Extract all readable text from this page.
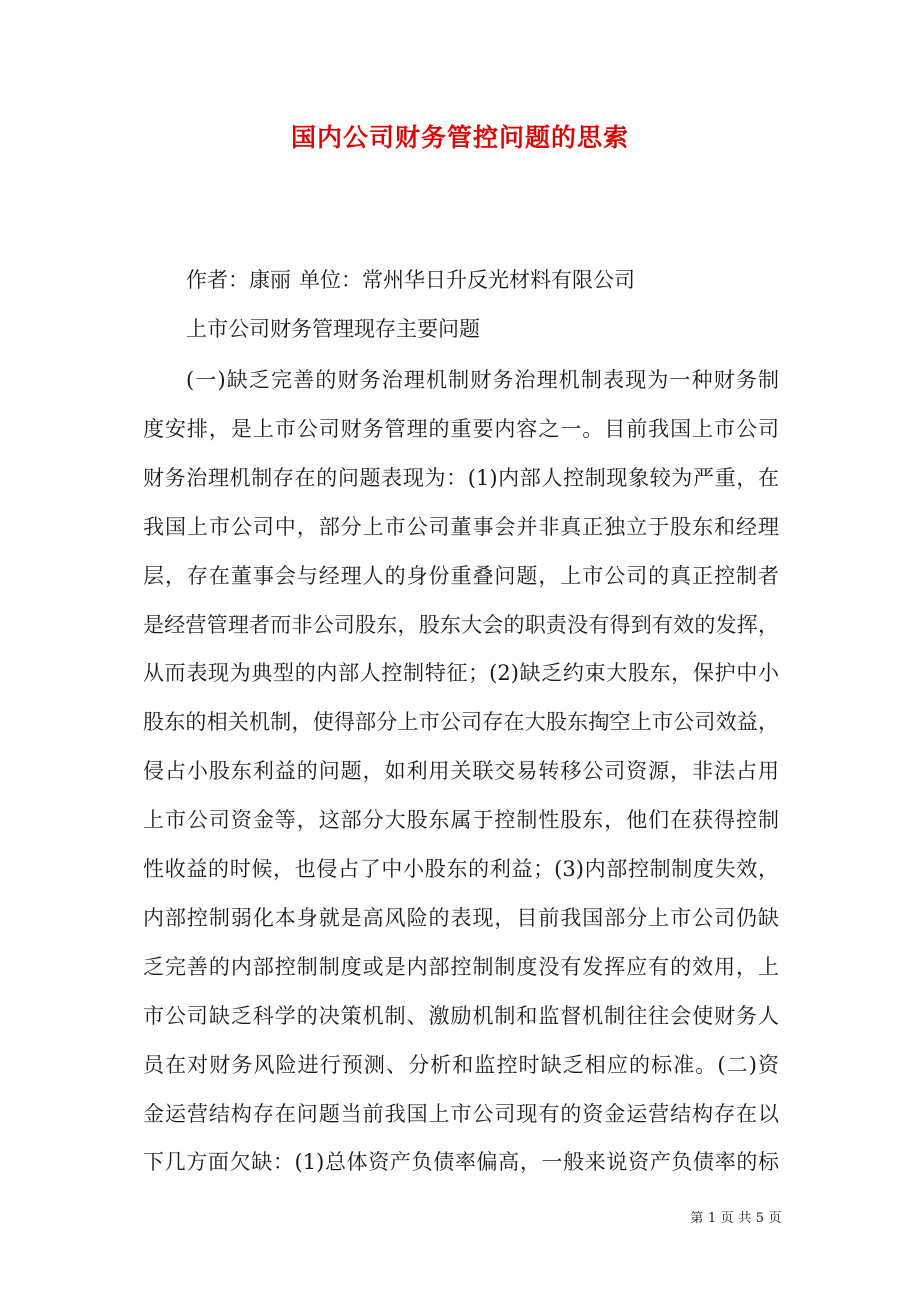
国内公司财务管控问题的思索

作者：康丽 单位：常州华日升反光材料有限公司

上市公司财务管理现存主要问题

(一)缺乏完善的财务治理机制财务治理机制表现为一种财务制

度安排，是上市公司财务管理的重要内容之一。目前我国上市公司

财务治理机制存在的问题表现为：(1)内部人控制现象较为严重，在

我国上市公司中，部分上市公司董事会并非真正独立于股东和经理

层，存在董事会与经理人的身份重叠问题，上市公司的真正控制者

是经营管理者而非公司股东，股东大会的职责没有得到有效的发挥，

从而表现为典型的内部人控制特征；(2)缺乏约束大股东，保护中小

股东的相关机制，使得部分上市公司存在大股东掏空上市公司效益，

侵占小股东利益的问题，如利用关联交易转移公司资源，非法占用

上市公司资金等，这部分大股东属于控制性股东，他们在获得控制

性收益的时候，也侵占了中小股东的利益；(3)内部控制制度失效，

内部控制弱化本身就是高风险的表现，目前我国部分上市公司仍缺

乏完善的内部控制制度或是内部控制制度没有发挥应有的效用，上

市公司缺乏科学的决策机制、激励机制和监督机制往往会使财务人

员在对财务风险进行预测、分析和监控时缺乏相应的标准。(二)资

金运营结构存在问题当前我国上市公司现有的资金运营结构存在以

下几方面欠缺：(1)总体资产负债率偏高，一般来说资产负债率的标

第 1 页 共 5 页
